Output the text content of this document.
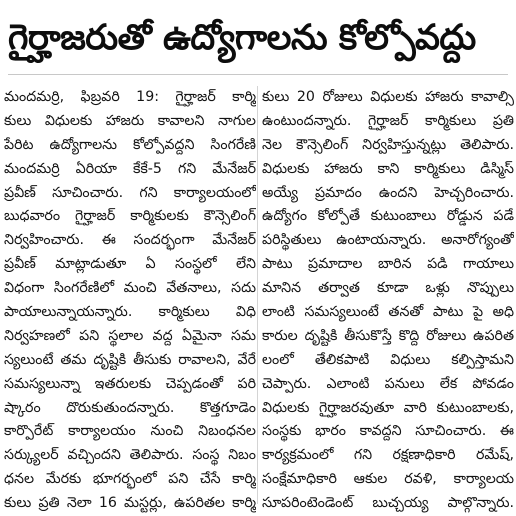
గైర్హాజరుతో ఉద్యోగాలను కోల్పోవద్దు
మందమర్రి, ఫిబ్రవరి 19: గైర్హాజర్ కార్మి
కులు విధులకు హాజరు కావాలని నాగుల
పేరిట ఉద్యోగాలను కోల్పోవద్దని సింగరేణి
మందమర్రి ఏరియా కేకే-5 గని మేనేజర్
ప్రవీణ్ సూచించారు. గని కార్యాలయంలో
బుధవారం గైర్హాజర్ కార్మికులకు కౌన్సెలింగ్
నిర్వహించారు. ఈ సందర్భంగా మేనేజర్
ప్రవీణ్ మాట్లాడుతూ ఏ సంస్థలో లేని
విధంగా సింగరేణిలో మంచి వేతనాలు, సదు
పాయాలున్నాయన్నారు. కార్మికులు విధి
నిర్వహణలో పని స్థలాల వద్ద ఏమైనా సమ
స్యలుంటే తమ దృష్టికి తీసుకు రావాలని, వేరే
సమస్యలున్నా ఇతరులకు చెప్పడంతో పరి
ష్కారం దొరుకుతుందన్నారు. కొత్తగూడెం
కార్పొరేట్ కార్యాలయం నుంచి నిబంధనల
సర్క్యులర్ వచ్చిందని తెలిపారు. సంస్థ నిబం
ధనల మేరకు భూగర్భంలో పని చేసే కార్మి
కులు ప్రతి నెలా 16 మస్టర్లు, ఉపరితల కార్మి
కులు 20 రోజులు విధులకు హాజరు కావాల్సి
ఉంటుందన్నారు. గైర్హాజర్ కార్మికులు ప్రతి
నెల కౌన్సెలింగ్ నిర్వహిస్తున్నట్లు తెలిపారు.
విధులకు హాజరు కాని కార్మికులు డిస్మిస్
అయ్యే ప్రమాదం ఉందని హెచ్చరించారు.
ఉద్యోగం కోల్పోతే కుటుంబాలు రోడ్డున పడే
పరిస్థితులు ఉంటాయన్నారు. అనారోగ్యంతో
పాటు ప్రమాదాల బారిన పడి గాయాలు
మానిన తర్వాత కూడా ఒళ్లు నొప్పులు
లాంటి సమస్యలుంటే తనతో పాటు పై అధి
కారుల దృష్టికి తీసుకొస్తే కొద్ది రోజులు ఉపరిత
లంలో తేలికపాటి విధులు కల్పిస్తామని
చెప్పారు. ఎలాంటి పనులు లేక పోవడం
విధులకు గైర్హాజరవుతూ వారి కుటుంబాలకు,
సంస్థకు భారం కావద్దని సూచించారు. ఈ
కార్యక్రమంలో గని రక్షణాధికారి రమేష్,
సంక్షేమాధికారి ఆకుల రవళి, కార్యాలయ
సూపరింటెండెంట్ బుచ్చయ్య పాల్గొన్నారు.
